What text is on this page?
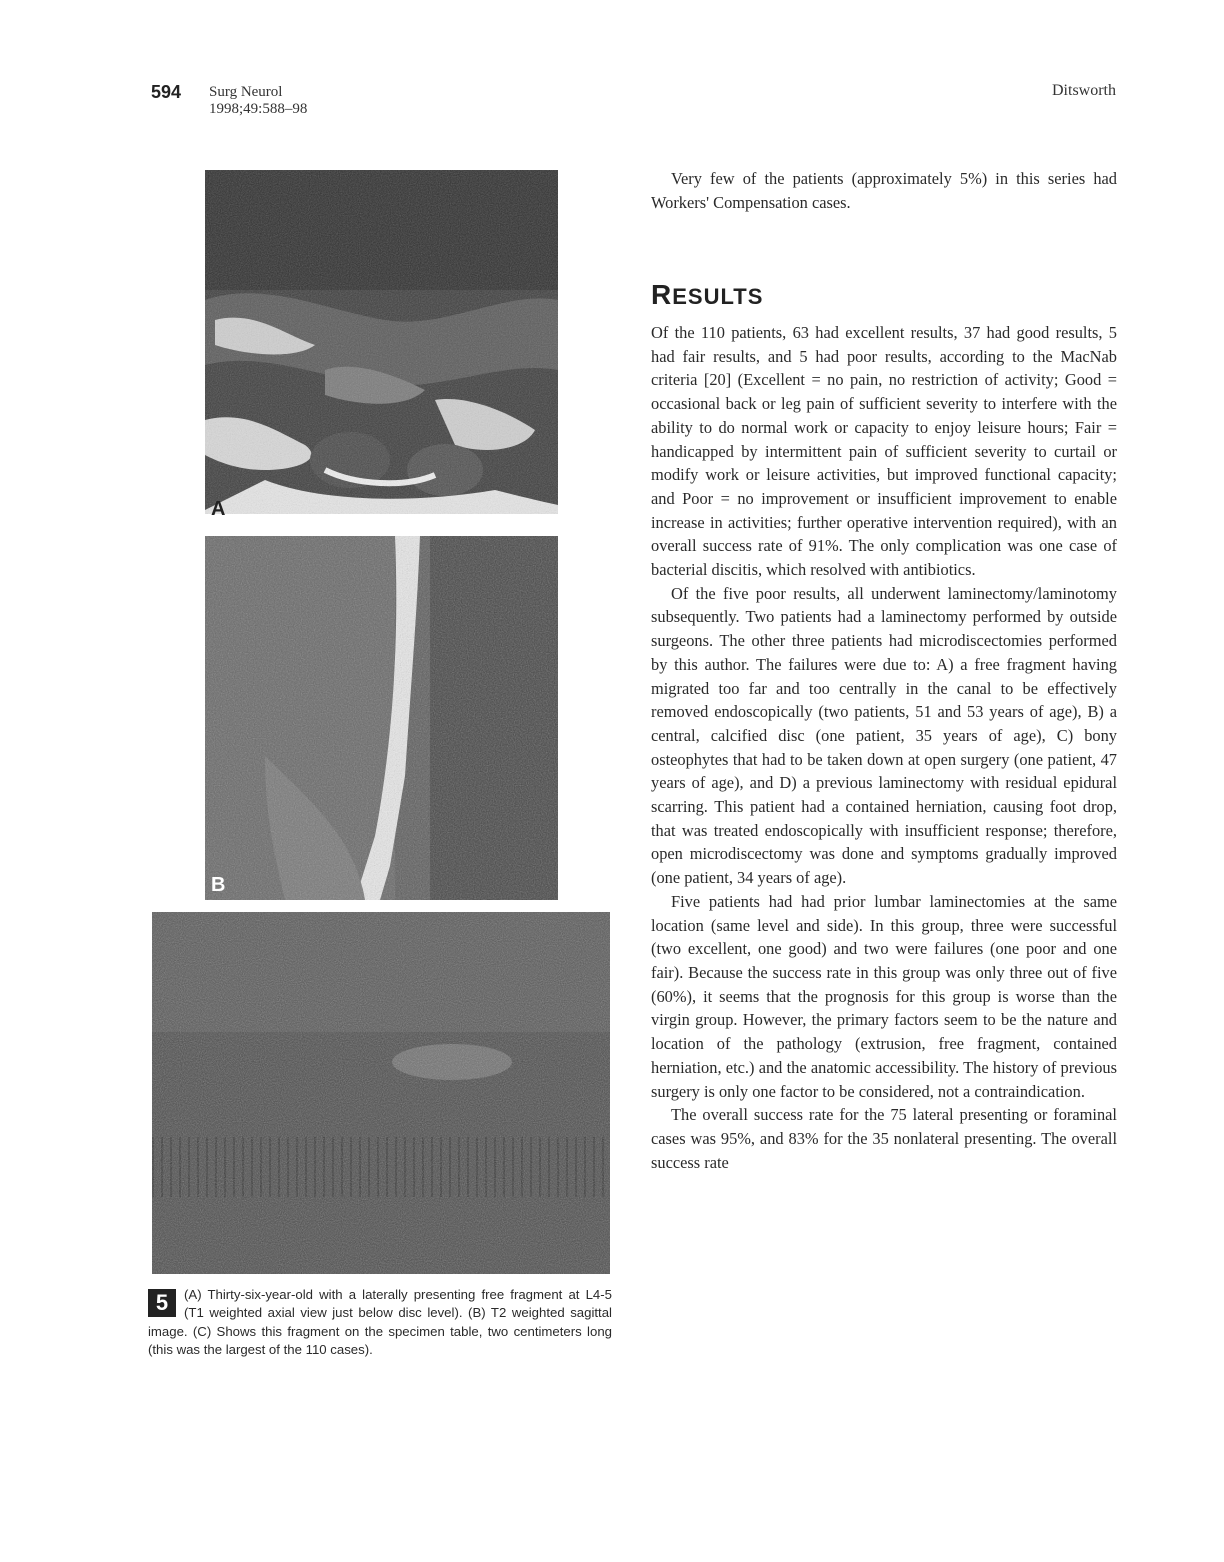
594 Surg Neurol
1998;49:588–98
Ditsworth
A
B
5	(A) Thirty-six-year-old with a laterally presenting free fragment at L4-5 (T1 weighted axial view just below disc level). (B) T2 weighted sagittal image. (C) Shows this fragment on the specimen table, two centimeters long (this was the largest of the 110 cases).

Very few of the patients (approximately 5%) in this series had Workers' Compensation cases.

RESULTS

Of the 110 patients, 63 had excellent results, 37 had good results, 5 had fair results, and 5 had poor results, according to the MacNab criteria [20] (Excellent = no pain, no restriction of activity; Good = occasional back or leg pain of sufficient severity to interfere with the ability to do normal work or capacity to enjoy leisure hours; Fair = handicapped by intermittent pain of sufficient severity to curtail or modify work or leisure activities, but improved functional capacity; and Poor = no improvement or insufficient improvement to enable increase in activities; further operative intervention required), with an overall success rate of 91%. The only complication was one case of bacterial discitis, which resolved with antibiotics.

Of the five poor results, all underwent laminectomy/laminotomy subsequently. Two patients had a laminectomy performed by outside surgeons. The other three patients had microdiscectomies performed by this author. The failures were due to: A) a free fragment having migrated too far and too centrally in the canal to be effectively removed endoscopically (two patients, 51 and 53 years of age), B) a central, calcified disc (one patient, 35 years of age), C) bony osteophytes that had to be taken down at open surgery (one patient, 47 years of age), and D) a previous laminectomy with residual epidural scarring. This patient had a contained herniation, causing foot drop, that was treated endoscopically with insufficient response; therefore, open microdiscectomy was done and symptoms gradually improved (one patient, 34 years of age).

Five patients had had prior lumbar laminectomies at the same location (same level and side). In this group, three were successful (two excellent, one good) and two were failures (one poor and one fair). Because the success rate in this group was only three out of five (60%), it seems that the prognosis for this group is worse than the virgin group. However, the primary factors seem to be the nature and location of the pathology (extrusion, free fragment, contained herniation, etc.) and the anatomic accessibility. The history of previous surgery is only one factor to be considered, not a contraindication.

The overall success rate for the 75 lateral presenting or foraminal cases was 95%, and 83% for the 35 nonlateral presenting. The overall success rate
